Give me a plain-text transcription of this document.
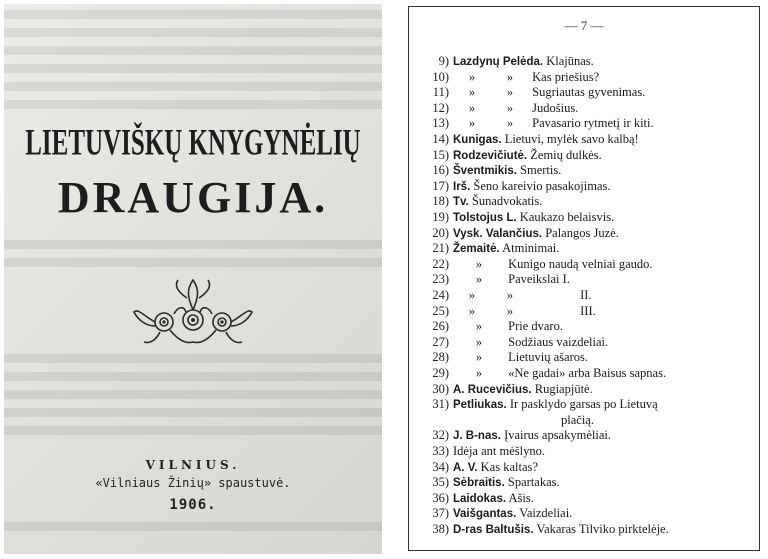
LIETUVIŠKŲ KNYGYNĖLIŲ
DRAUGIJA.
VILNIUS.
«Vilniaus Žinių» spaustuvė.
1906.
— 7 —
9) Lazdynų Pelėda. Klajūnas.
10)	»	» Kas priešius?
11)	»	» Sugriautas gyvenimas.
12)	»	» Judošius.
13)	»	» Pavasario rytmetį ir kiti.
14) Kunigas. Lietuvi, mylėk savo kalbą!
15) Rodzevičiutė. Žemių dulkės.
16) Šventmikis. Smertis.
17) Irš. Šeno kareivio pasakojimas.
18) Tv. Šunadvokatis.
19) Tolstojus L. Kaukazo belaisvis.
20) Vysk. Valančius. Palangos Juzė.
21) Žemaitė. Atminimai.
22)	» Kunigo naudą velniai gaudo.
23)	» Paveikslai I.
24)	»	»	II.
25)	»	»	III.
26)	» Prie dvaro.
27)	» Sodžiaus vaizdeliai.
28)	» Lietuvių ašaros.
29)	» «Ne gadai» arba Baisus sapnas.
30) A. Rucevičius. Rugiapjūtė.
31) Petliukas. Ir pasklydo garsas po Lietuvą
plačią.
32) J. B-nas. Įvairus apsakymėliai.
33) Idėja ant mėšlyno.
34) A. V. Kas kaltas?
35) Sėbraitis. Spartakas.
36) Laidokas. Ašis.
37) Vaišgantas. Vaizdeliai.
38) D-ras Baltušis. Vakaras Tilviko pirktelėje.
